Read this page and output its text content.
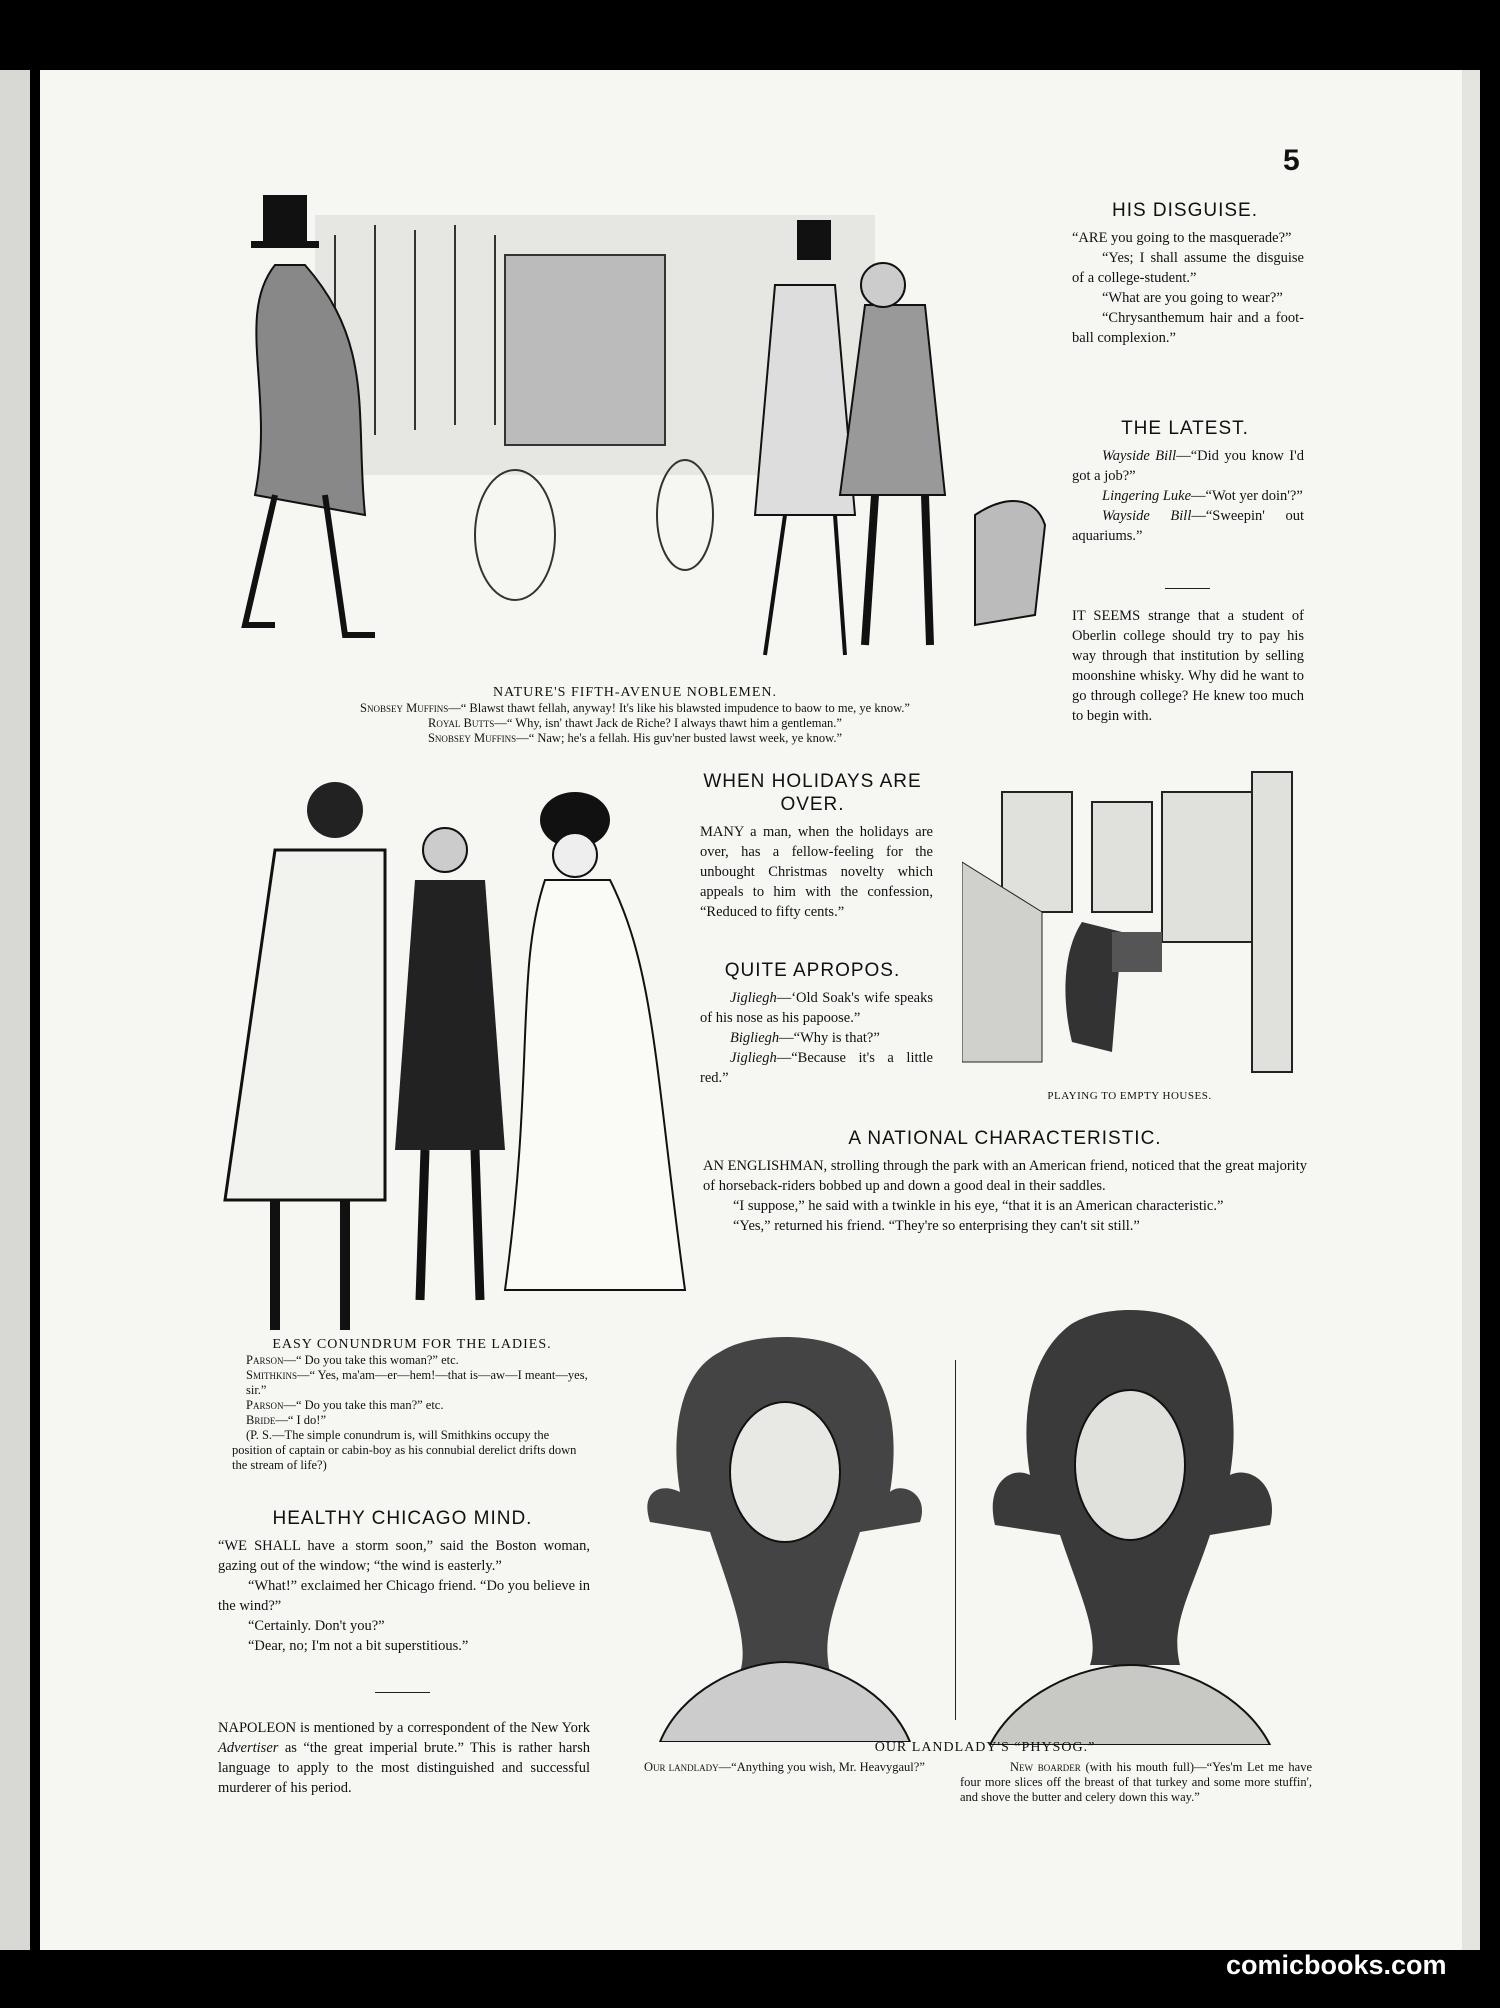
5
HIS DISGUISE.
“ARE you going to the masquerade?”
“Yes; I shall assume the disguise of a college-student.”
“What are you going to wear?”
“Chrysanthemum hair and a foot-ball complexion.”
THE LATEST.
Wayside Bill—“Did you know I'd got a job?”
Lingering Luke—“Wot yer doin'?”
Wayside Bill—“Sweepin' out aquariums.”
IT SEEMS strange that a student of Oberlin college should try to pay his way through that institution by selling moonshine whisky. Why did he want to go through college? He knew too much to begin with.
NATURE'S FIFTH-AVENUE NOBLEMEN.
Snobsey Muffins—“ Blawst thawt fellah, anyway! It's like his blawsted impudence to baow to me, ye know.”
Royal Butts—“ Why, isn' thawt Jack de Riche? I always thawt him a gentleman.”
Snobsey Muffins—“ Naw; he's a fellah. His guv'ner busted lawst week, ye know.”
WHEN HOLIDAYS ARE
OVER.
MANY a man, when the holidays are over, has a fellow-feeling for the unbought Christmas novelty which appeals to him with the confession, “Reduced to fifty cents.”
QUITE APROPOS.
Jigliegh—‘Old Soak's wife speaks of his nose as his papoose.”
Bigliegh—“Why is that?”
Jigliegh—“Because it's a little red.”
PLAYING TO EMPTY HOUSES.
A NATIONAL CHARACTERISTIC.
AN ENGLISHMAN, strolling through the park with an American friend, noticed that the great majority of horseback-riders bobbed up and down a good deal in their saddles.
“I suppose,” he said with a twinkle in his eye, “that it is an American characteristic.”
“Yes,” returned his friend. “They're so enterprising they can't sit still.”
EASY CONUNDRUM FOR THE LADIES.
Parson—“ Do you take this woman?” etc.
Smithkins—“ Yes, ma'am—er—hem!—that is—aw—I meant—yes, sir.”
Parson—“ Do you take this man?” etc.
Bride—“ I do!”
(P. S.—The simple conundrum is, will Smithkins occupy the position of captain or cabin-boy as his connubial derelict drifts down the stream of life?)
HEALTHY CHICAGO MIND.
“WE SHALL have a storm soon,” said the Boston woman, gazing out of the window; “the wind is easterly.”
“What!” exclaimed her Chicago friend. “Do you believe in the wind?”
“Certainly. Don't you?”
“Dear, no; I'm not a bit superstitious.”
NAPOLEON is mentioned by a correspondent of the New York Advertiser as “the great imperial brute.” This is rather harsh language to apply to the most distinguished and successful murderer of his period.
OUR LANDLADY'S “PHYSOG.”
Our landlady—“Anything you wish, Mr. Heavygaul?”	New boarder (with his mouth full)—“Yes'm Let me have four more slices off the breast of that turkey and some more stuffin', and shove the butter and celery down this way.”
comicbooks.com
